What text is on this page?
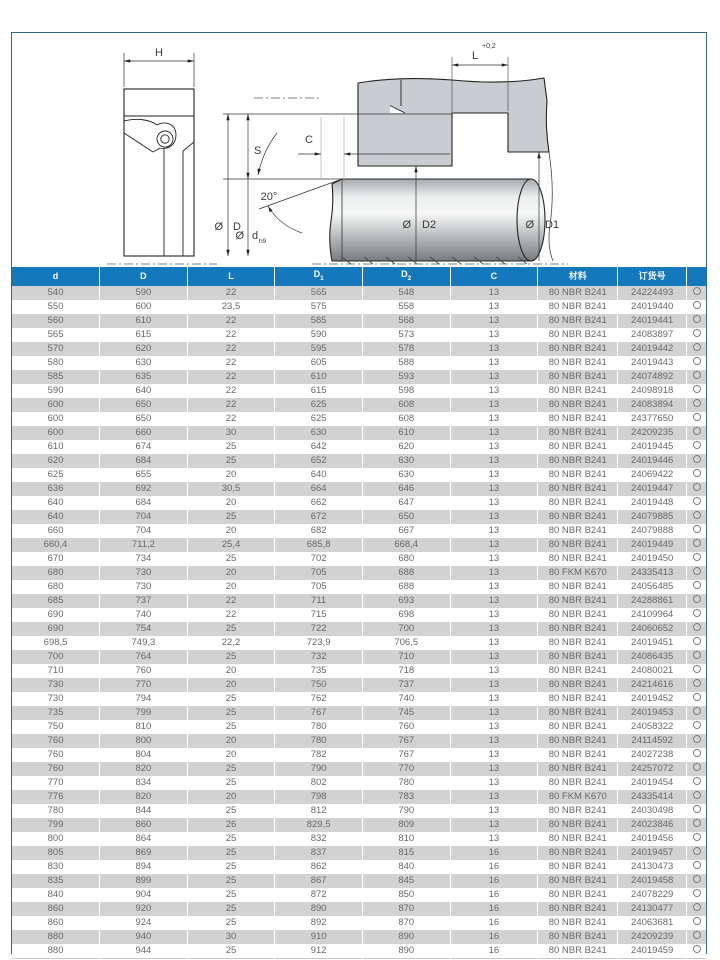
H	L
+0,2
S
C
20°
Ø D
Ø d h9
Ø D2	Ø D1
d	D	L	$D_1$	$D_2$	C	材料	订货号	
540	590	22	565	548	13	80 NBR B241	24224493	
550	600	23,5	575	558	13	80 NBR B241	24019440	
560	610	22	585	568	13	80 NBR B241	24019441	
565	615	22	590	573	13	80 NBR B241	24083897	
570	620	22	595	578	13	80 NBR B241	24019442	
580	630	22	605	588	13	80 NBR B241	24019443	
585	635	22	610	593	13	80 NBR B241	24074892	
590	640	22	615	598	13	80 NBR B241	24098918	
600	650	22	625	608	13	80 NBR B241	24083894	
600	650	22	625	608	13	80 NBR B241	24377650	
600	660	30	630	610	13	80 NBR B241	24209235	
610	674	25	642	620	13	80 NBR B241	24019445	
620	684	25	652	630	13	80 NBR B241	24019446	
625	655	20	640	630	13	80 NBR B241	24069422	
636	692	30,5	664	646	13	80 NBR B241	24019447	
640	684	20	662	647	13	80 NBR B241	24019448	
640	704	25	672	650	13	80 NBR B241	24079885	
660	704	20	682	667	13	80 NBR B241	24079888	
660,4	711,2	25,4	685,8	668,4	13	80 NBR B241	24019449	
670	734	25	702	680	13	80 NBR B241	24019450	
680	730	20	705	688	13	80 FKM K670	24335413	
680	730	20	705	688	13	80 NBR B241	24056485	
685	737	22	711	693	13	80 NBR B241	24288861	
690	740	22	715	698	13	80 NBR B241	24109964	
690	754	25	722	700	13	80 NBR B241	24060652	
698,5	749,3	22,2	723,9	706,5	13	80 NBR B241	24019451	
700	764	25	732	710	13	80 NBR B241	24086435	
710	760	20	735	718	13	80 NBR B241	24080021	
730	770	20	750	737	13	80 NBR B241	24214616	
730	794	25	762	740	13	80 NBR B241	24019452	
735	799	25	767	745	13	80 NBR B241	24019453	
750	810	25	780	760	13	80 NBR B241	24058322	
760	800	20	780	767	13	80 NBR B241	24114592	
760	804	20	782	767	13	80 NBR B241	24027238	
760	820	25	790	770	13	80 NBR B241	24257072	
770	834	25	802	780	13	80 NBR B241	24019454	
776	820	20	798	783	13	80 FKM K670	24335414	
780	844	25	812	790	13	80 NBR B241	24030498	
799	860	26	829,5	809	13	80 NBR B241	24023846	
800	864	25	832	810	13	80 NBR B241	24019456	
805	869	25	837	815	16	80 NBR B241	24019457	
830	894	25	862	840	16	80 NBR B241	24130473	
835	899	25	867	845	16	80 NBR B241	24019458	
840	904	25	872	850	16	80 NBR B241	24078229	
860	920	25	890	870	16	80 NBR B241	24130477	
860	924	25	892	870	16	80 NBR B241	24063681	
880	940	30	910	890	16	80 NBR B241	24209239	
880	944	25	912	890	16	80 NBR B241	24019459	
